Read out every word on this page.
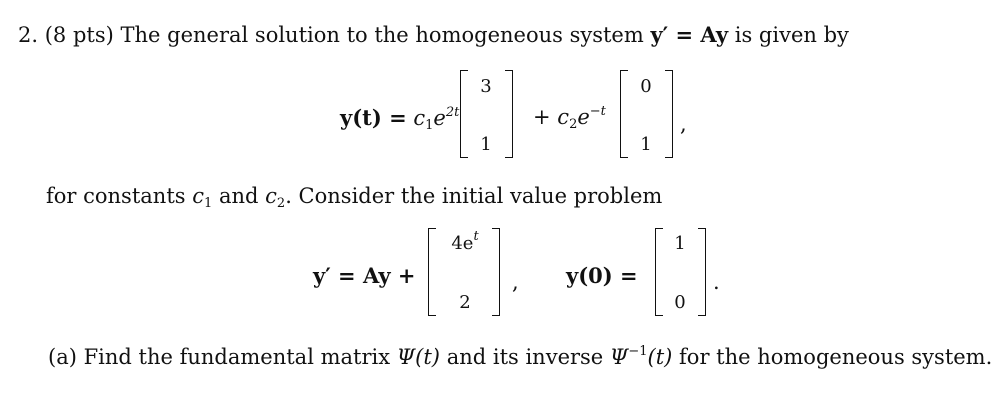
2. (8 pts) The general solution to the homogeneous system y′ = Ay is given by
$y(t) = c_1e^{2t}$
3
1
+ $c_2e^{-t}$
0
1
,
for constants $c_1$ and $c_2$. Consider the initial value problem
y′ = Ay +
$4e^t$
2
, y(0) =
1
0
.
(a) Find the fundamental matrix Ψ(t) and its inverse $\Psi^{-1}(t)$ for the homogeneous system.
